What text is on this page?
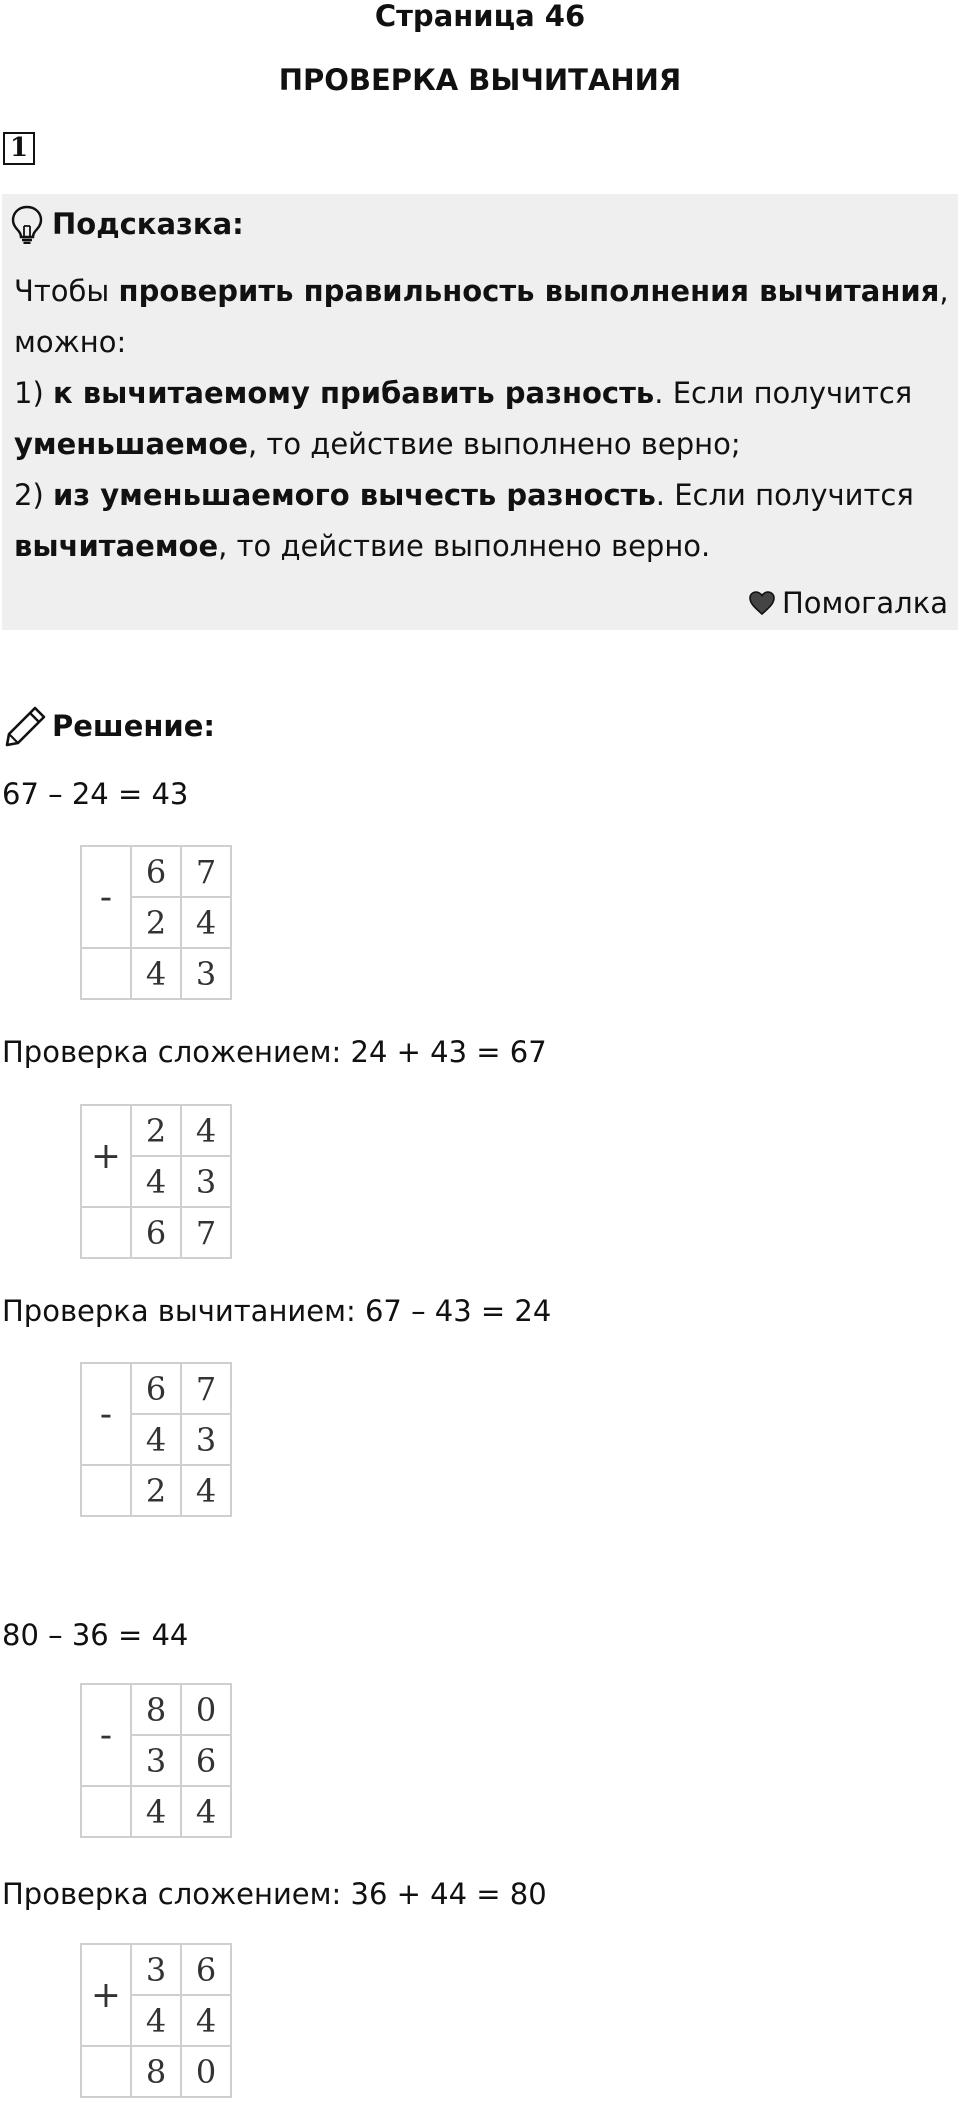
Страница 46
ПРОВЕРКА ВЫЧИТАНИЯ
1
Подсказка:

Чтобы проверить правильность выполнения вычитания,

можно:

1) к вычитаемому прибавить разность. Если получится

уменьшаемое, то действие выполнено верно;

2) из уменьшаемого вычесть разность. Если получится

вычитаемое, то действие выполнено верно.

Помогалка
Решение:
67 – 24 = 43
-	6	7
	2	4
	4	3
Проверка сложением: 24 + 43 = 67
+	2	4
	4	3
	6	7
Проверка вычитанием: 67 – 43 = 24
-	6	7
	4	3
	2	4
80 – 36 = 44
-	8	0
	3	6
	4	4
Проверка сложением: 36 + 44 = 80
+	3	6
	4	4
	8	0
